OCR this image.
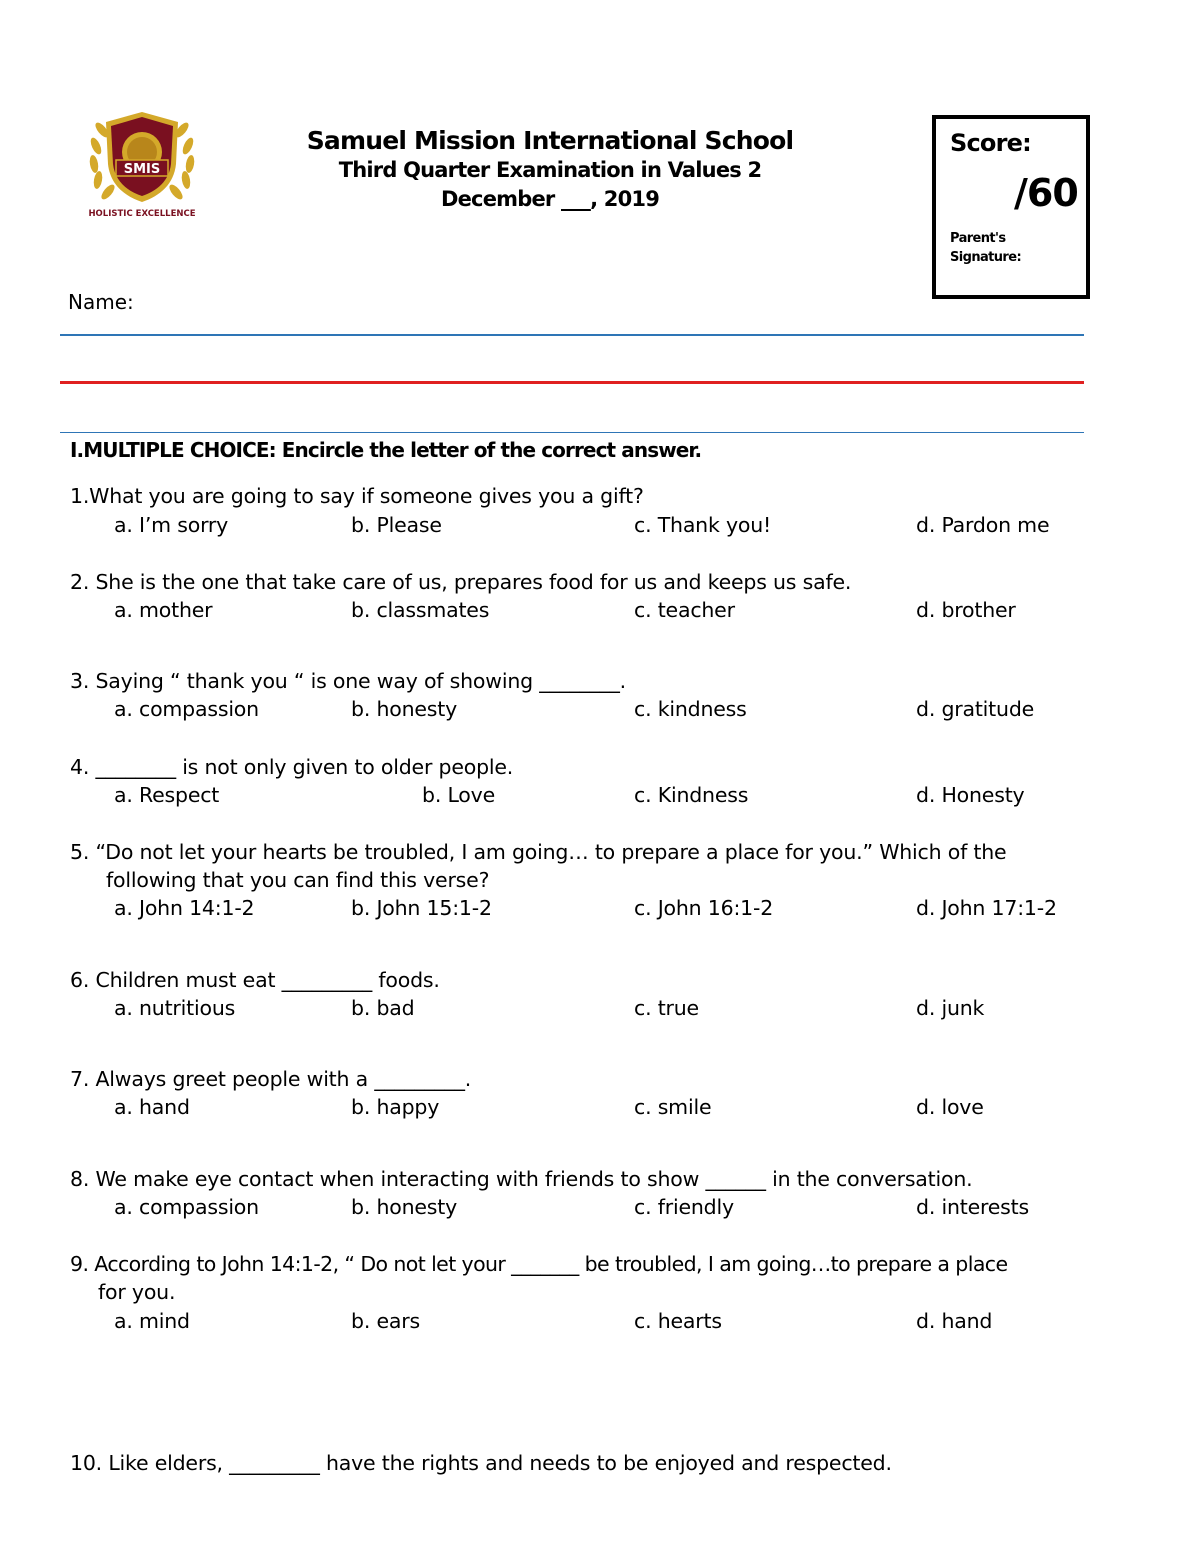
SMIS
HOLISTIC EXCELLENCE
Samuel Mission International School
Third Quarter Examination in Values 2
December ___, 2019
Score:
/60
Parent's Signature:
Name:
I.MULTIPLE CHOICE: Encircle the letter of the correct answer.
1.What you are going to say if someone gives you a gift?
a. I’m sorry	b. Please	c. Thank you!	d. Pardon me
2. She is the one that take care of us, prepares food for us and keeps us safe.
a. mother	b. classmates	c. teacher	d. brother
3. Saying “ thank you “ is one way of showing ________.
a. compassion	b. honesty	c. kindness	d. gratitude
4. ________ is not only given to older people.
a. Respect	b. Love	c. Kindness	d. Honesty
5. “Do not let your hearts be troubled, I am going… to prepare a place for you.” Which of the
following that you can find this verse?
a. John 14:1-2	b. John 15:1-2	c. John 16:1-2	d. John 17:1-2
6. Children must eat _________ foods.
a. nutritious	b. bad	c. true	d. junk
7. Always greet people with a _________.
a. hand	b. happy	c. smile	d. love
8. We make eye contact when interacting with friends to show ______ in the conversation.
a. compassion	b. honesty	c. friendly	d. interests
9. According to John 14:1-2, “ Do not let your _______ be troubled, I am going…to prepare a place
for you.
a. mind	b. ears	c. hearts	d. hand
10. Like elders, _________ have the rights and needs to be enjoyed and respected.
